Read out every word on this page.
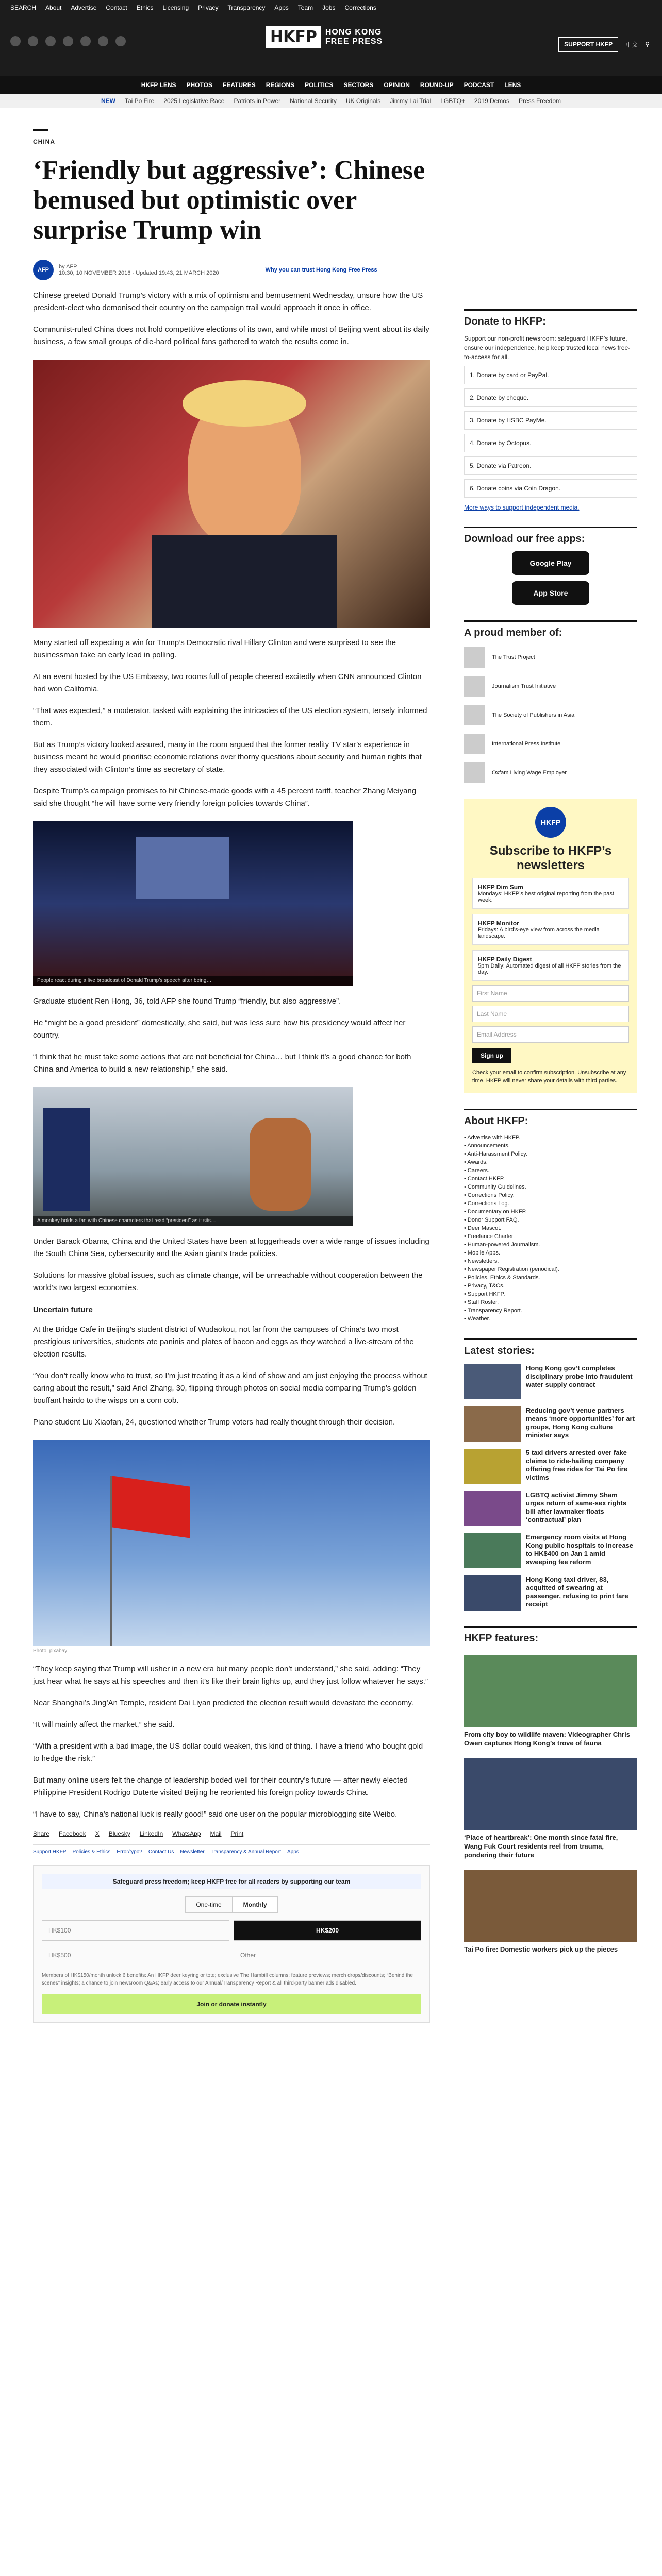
SEARCH About Advertise Contact Ethics Licensing Privacy Transparency Apps Team Jobs Corrections
HKFP	HONG KONG
FREE PRESS	SUPPORT HKFP	中文 ⚲
HKFP LENS PHOTOS FEATURES REGIONS POLITICS SECTORS OPINION ROUND-UP PODCAST LENS
NEW Tai Po Fire 2025 Legislative Race Patriots in Power National Security UK Originals Jimmy Lai Trial LGBTQ+ 2019 Demos Press Freedom
CHINA
‘Friendly but aggressive’: Chinese bemused but optimistic over surprise Trump win
AFP	by AFP
10:30, 10 NOVEMBER 2016 · Updated 19:43, 21 MARCH 2020	Why you can trust Hong Kong Free Press

Chinese greeted Donald Trump’s victory with a mix of optimism and bemusement Wednesday, unsure how the US president-elect who demonised their country on the campaign trail would approach it once in office.

Communist-ruled China does not hold competitive elections of its own, and while most of Beijing went about its daily business, a few small groups of die-hard political fans gathered to watch the results come in.

Many started off expecting a win for Trump’s Democratic rival Hillary Clinton and were surprised to see the businessman take an early lead in polling.

At an event hosted by the US Embassy, two rooms full of people cheered excitedly when CNN announced Clinton had won California.

“That was expected,” a moderator, tasked with explaining the intricacies of the US election system, tersely informed them.

But as Trump’s victory looked assured, many in the room argued that the former reality TV star’s experience in business meant he would prioritise economic relations over thorny questions about security and human rights that they associated with Clinton’s time as secretary of state.

Despite Trump’s campaign promises to hit Chinese-made goods with a 45 percent tariff, teacher Zhang Meiyang said she thought “he will have some very friendly foreign policies towards China”.

People react during a live broadcast of Donald Trump’s speech after being…

Graduate student Ren Hong, 36, told AFP she found Trump “friendly, but also aggressive”.

He “might be a good president” domestically, she said, but was less sure how his presidency would affect her country.

“I think that he must take some actions that are not beneficial for China… but I think it’s a good chance for both China and America to build a new relationship,” she said.

A monkey holds a fan with Chinese characters that read “president” as it sits…

Under Barack Obama, China and the United States have been at loggerheads over a wide range of issues including the South China Sea, cybersecurity and the Asian giant’s trade policies.

Solutions for massive global issues, such as climate change, will be unreachable without cooperation between the world’s two largest economies.

Uncertain future

At the Bridge Cafe in Beijing’s student district of Wudaokou, not far from the campuses of China’s two most prestigious universities, students ate paninis and plates of bacon and eggs as they watched a live-stream of the election results.

“You don’t really know who to trust, so I’m just treating it as a kind of show and am just enjoying the process without caring about the result,” said Ariel Zhang, 30, flipping through photos on social media comparing Trump’s golden bouffant hairdo to the wisps on a corn cob.

Piano student Liu Xiaofan, 24, questioned whether Trump voters had really thought through their decision.

Photo: pixabay

“They keep saying that Trump will usher in a new era but many people don’t understand,” she said, adding: “They just hear what he says at his speeches and then it’s like their brain lights up, and they just follow whatever he says.”

Near Shanghai’s Jing’An Temple, resident Dai Liyan predicted the election result would devastate the economy.

“It will mainly affect the market,” she said.

“With a president with a bad image, the US dollar could weaken, this kind of thing. I have a friend who bought gold to hedge the risk.”

But many online users felt the change of leadership boded well for their country’s future — after newly elected Philippine President Rodrigo Duterte visited Beijing he reoriented his foreign policy towards China.

“I have to say, China’s national luck is really good!” said one user on the popular microblogging site Weibo.

Share Facebook X Bluesky LinkedIn WhatsApp Mail Print
Support HKFP Policies & Ethics Error/typo? Contact Us Newsletter Transparency & Annual Report Apps
Safeguard press freedom; keep HKFP free for all readers by supporting our team
One-time	Monthly
HK$100	HK$200
HK$500	Other
Members of HK$150/month unlock 6 benefits: An HKFP deer keyring or tote; exclusive The Hambill columns; feature previews; merch drops/discounts; “Behind the scenes” insights; a chance to join newsroom Q&As; early access to our Annual/Transparency Report & all third-party banner ads disabled.
Join or donate instantly
Donate to HKFP:

Support our non-profit newsroom: safeguard HKFP’s future, ensure our independence, help keep trusted local news free-to-access for all.

1. Donate by card or PayPal.
2. Donate by cheque.
3. Donate by HSBC PayMe.
4. Donate by Octopus.
5. Donate via Patreon.
6. Donate coins via Coin Dragon.
More ways to support independent media.
Download our free apps:
Google Play
App Store
A proud member of:
The Trust Project
Journalism Trust Initiative
The Society of Publishers in Asia
International Press Institute
Oxfam Living Wage Employer
HKFP
Subscribe to HKFP’s newsletters
HKFP Dim Sum
Mondays: HKFP’s best original reporting from the past week.
HKFP Monitor
Fridays: A bird’s-eye view from across the media landscape.
HKFP Daily Digest
5pm Daily: Automated digest of all HKFP stories from the day.
First Name
Last Name
Email Address
Sign up
Check your email to confirm subscription. Unsubscribe at any time. HKFP will never share your details with third parties.
About HKFP:
• Advertise with HKFP.
• Announcements.
• Anti-Harassment Policy.
• Awards.
• Careers.
• Contact HKFP.
• Community Guidelines.
• Corrections Policy.
• Corrections Log.
• Documentary on HKFP.
• Donor Support FAQ.
• Deer Mascot.
• Freelance Charter.
• Human-powered Journalism.
• Mobile Apps.
• Newsletters.
• Newspaper Registration (periodical).
• Policies, Ethics & Standards.
• Privacy, T&Cs.
• Support HKFP.
• Staff Roster.
• Transparency Report.
• Weather.
Latest stories:
Hong Kong gov’t completes disciplinary probe into fraudulent water supply contract
Reducing gov’t venue partners means ‘more opportunities’ for art groups, Hong Kong culture minister says
5 taxi drivers arrested over fake claims to ride-hailing company offering free rides for Tai Po fire victims
LGBTQ activist Jimmy Sham urges return of same-sex rights bill after lawmaker floats ‘contractual’ plan
Emergency room visits at Hong Kong public hospitals to increase to HK$400 on Jan 1 amid sweeping fee reform
Hong Kong taxi driver, 83, acquitted of swearing at passenger, refusing to print fare receipt
HKFP features:
From city boy to wildlife maven: Videographer Chris Owen captures Hong Kong’s trove of fauna
‘Place of heartbreak’: One month since fatal fire, Wang Fuk Court residents reel from trauma, pondering their future
Tai Po fire: Domestic workers pick up the pieces
